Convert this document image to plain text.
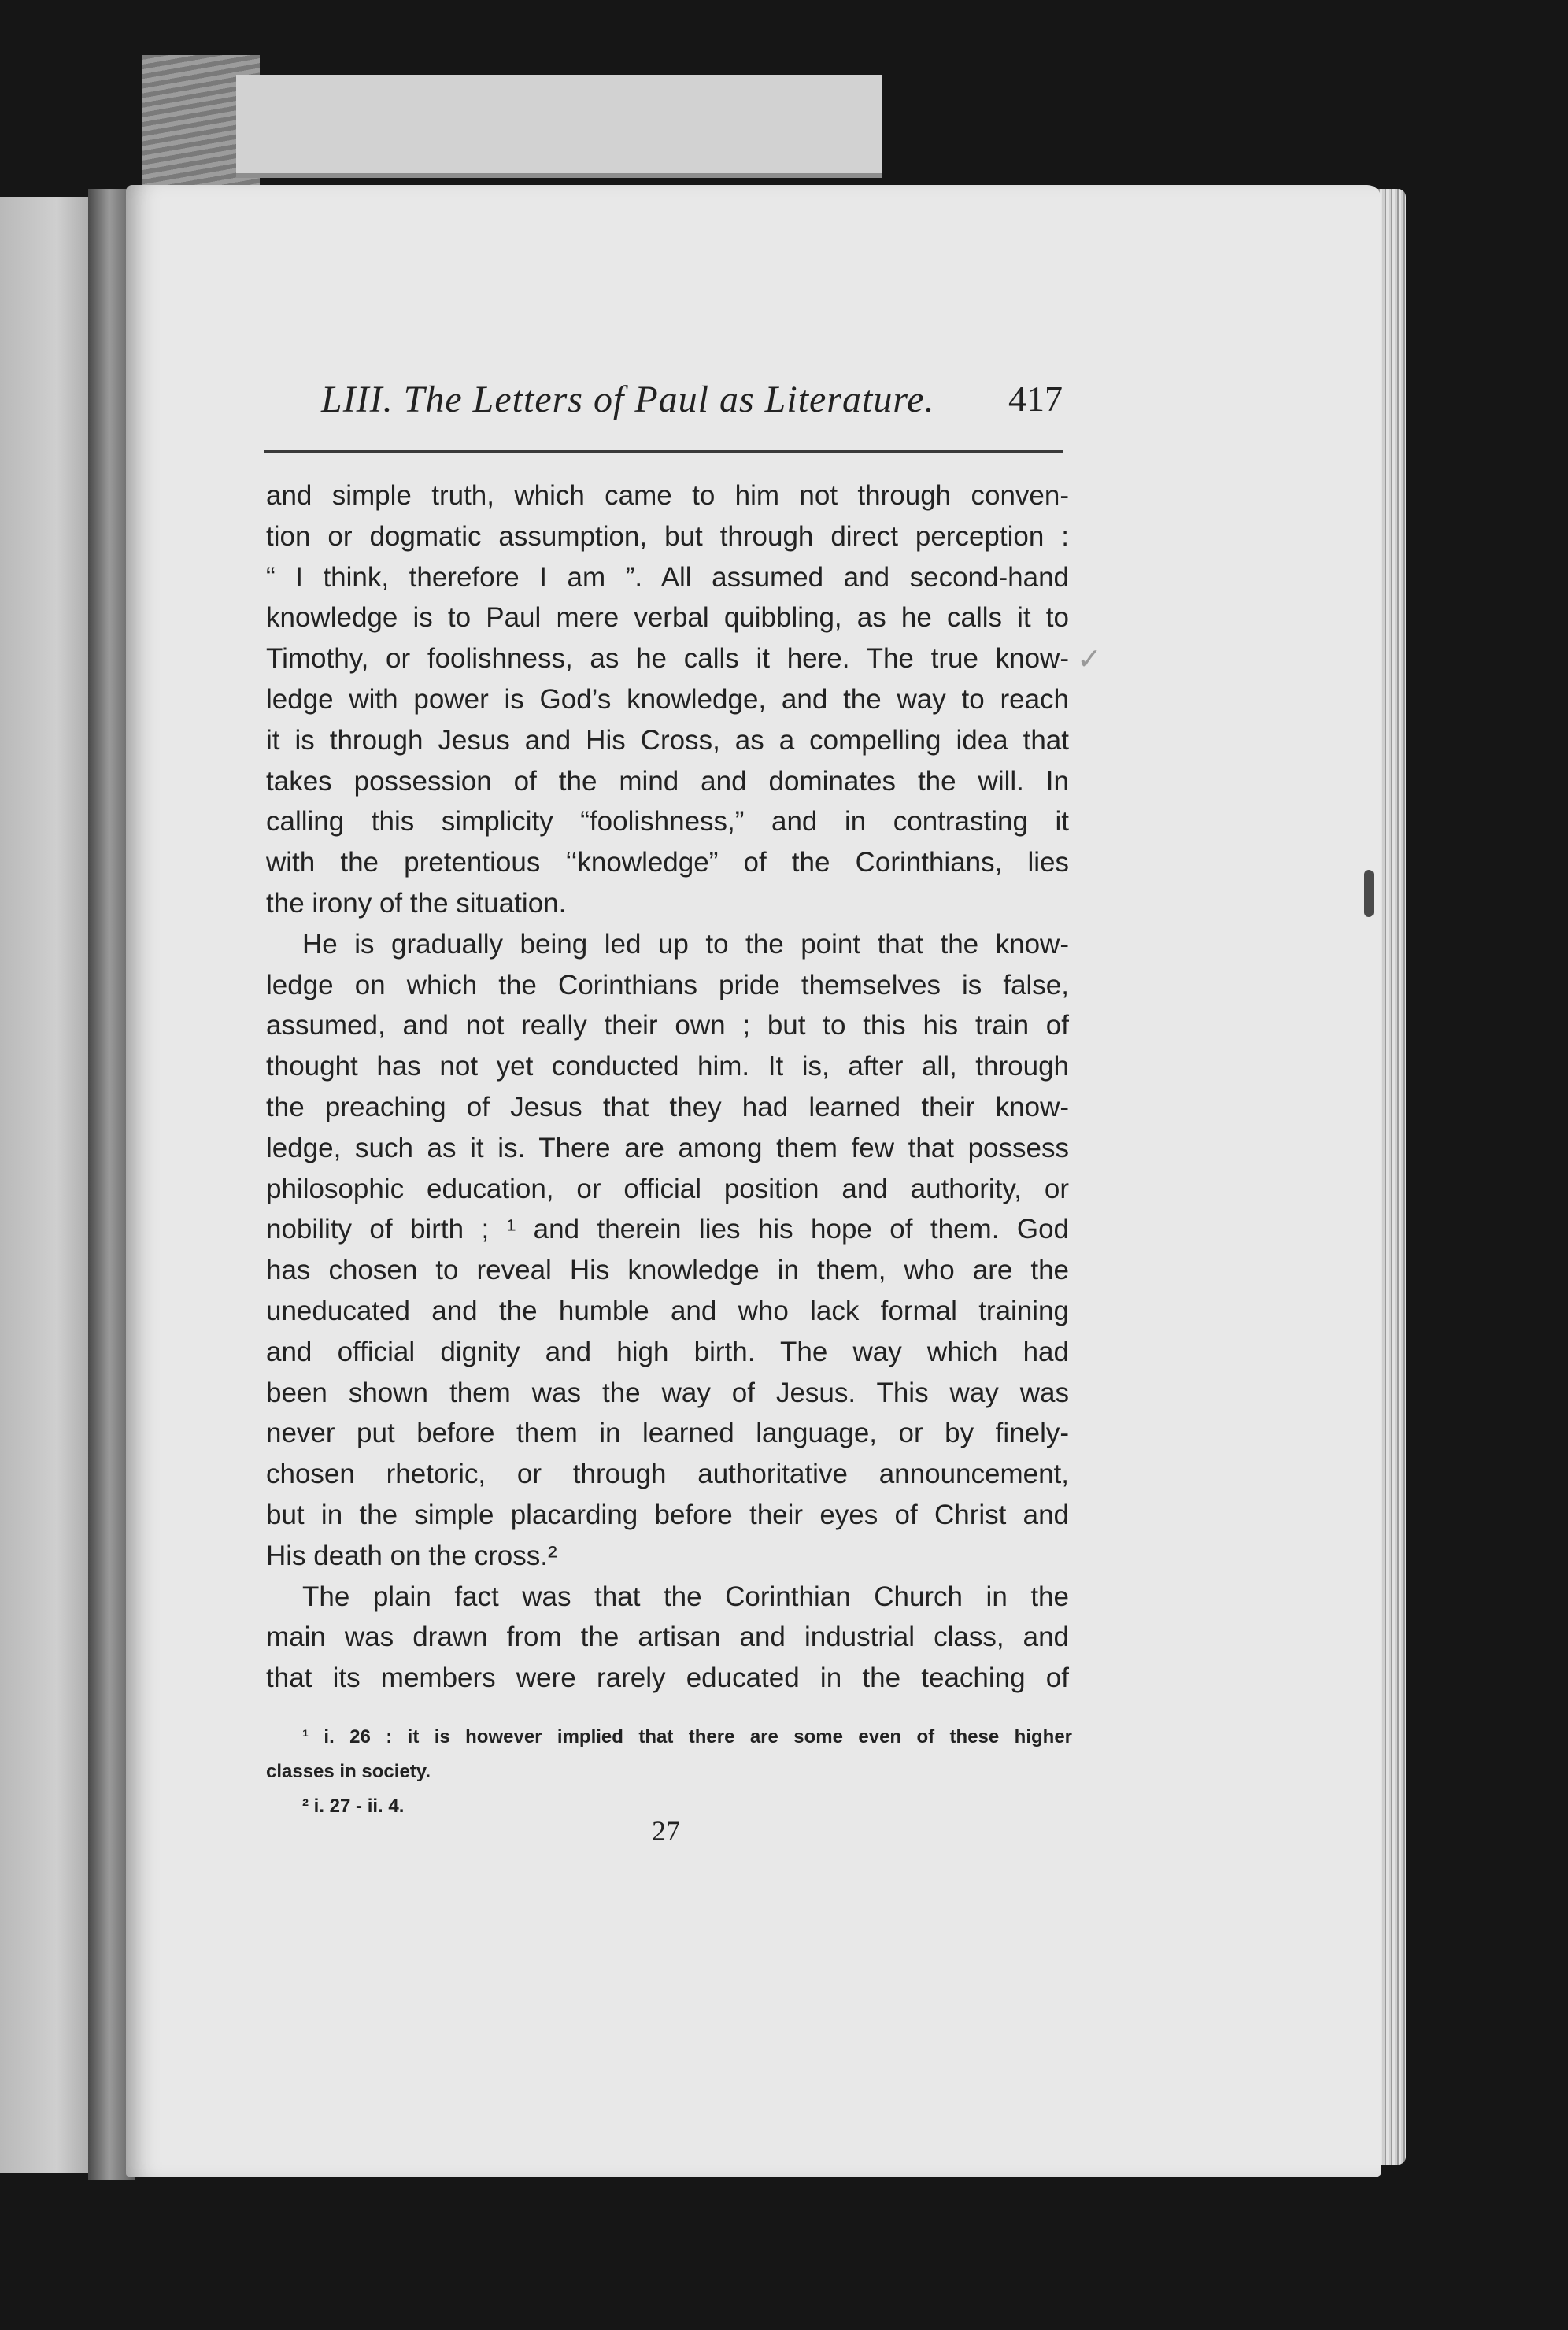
LIII. The Letters of Paul as Literature. 417
✓
and simple truth, which came to him not through conven-
tion or dogmatic assumption, but through direct perception :
“ I think, therefore I am ”. All assumed and second-hand
knowledge is to Paul mere verbal quibbling, as he calls it to
Timothy, or foolishness, as he calls it here. The true know-
ledge with power is God’s knowledge, and the way to reach
it is through Jesus and His Cross, as a compelling idea that
takes possession of the mind and dominates the will. In
calling this simplicity “foolishness,” and in contrasting it
with the pretentious ‘‘knowledge” of the Corinthians, lies
the irony of the situation.
He is gradually being led up to the point that the know-
ledge on which the Corinthians pride themselves is false,
assumed, and not really their own ; but to this his train of
thought has not yet conducted him. It is, after all, through
the preaching of Jesus that they had learned their know-
ledge, such as it is. There are among them few that possess
philosophic education, or official position and authority, or
nobility of birth ; ¹ and therein lies his hope of them. God
has chosen to reveal His knowledge in them, who are the
uneducated and the humble and who lack formal training
and official dignity and high birth. The way which had
been shown them was the way of Jesus. This way was
never put before them in learned language, or by finely-
chosen rhetoric, or through authoritative announcement,
but in the simple placarding before their eyes of Christ and
His death on the cross.²
The plain fact was that the Corinthian Church in the
main was drawn from the artisan and industrial class, and
that its members were rarely educated in the teaching of
¹ i. 26 : it is however implied that there are some even of these higher
classes in society.
² i. 27 - ii. 4.
27
